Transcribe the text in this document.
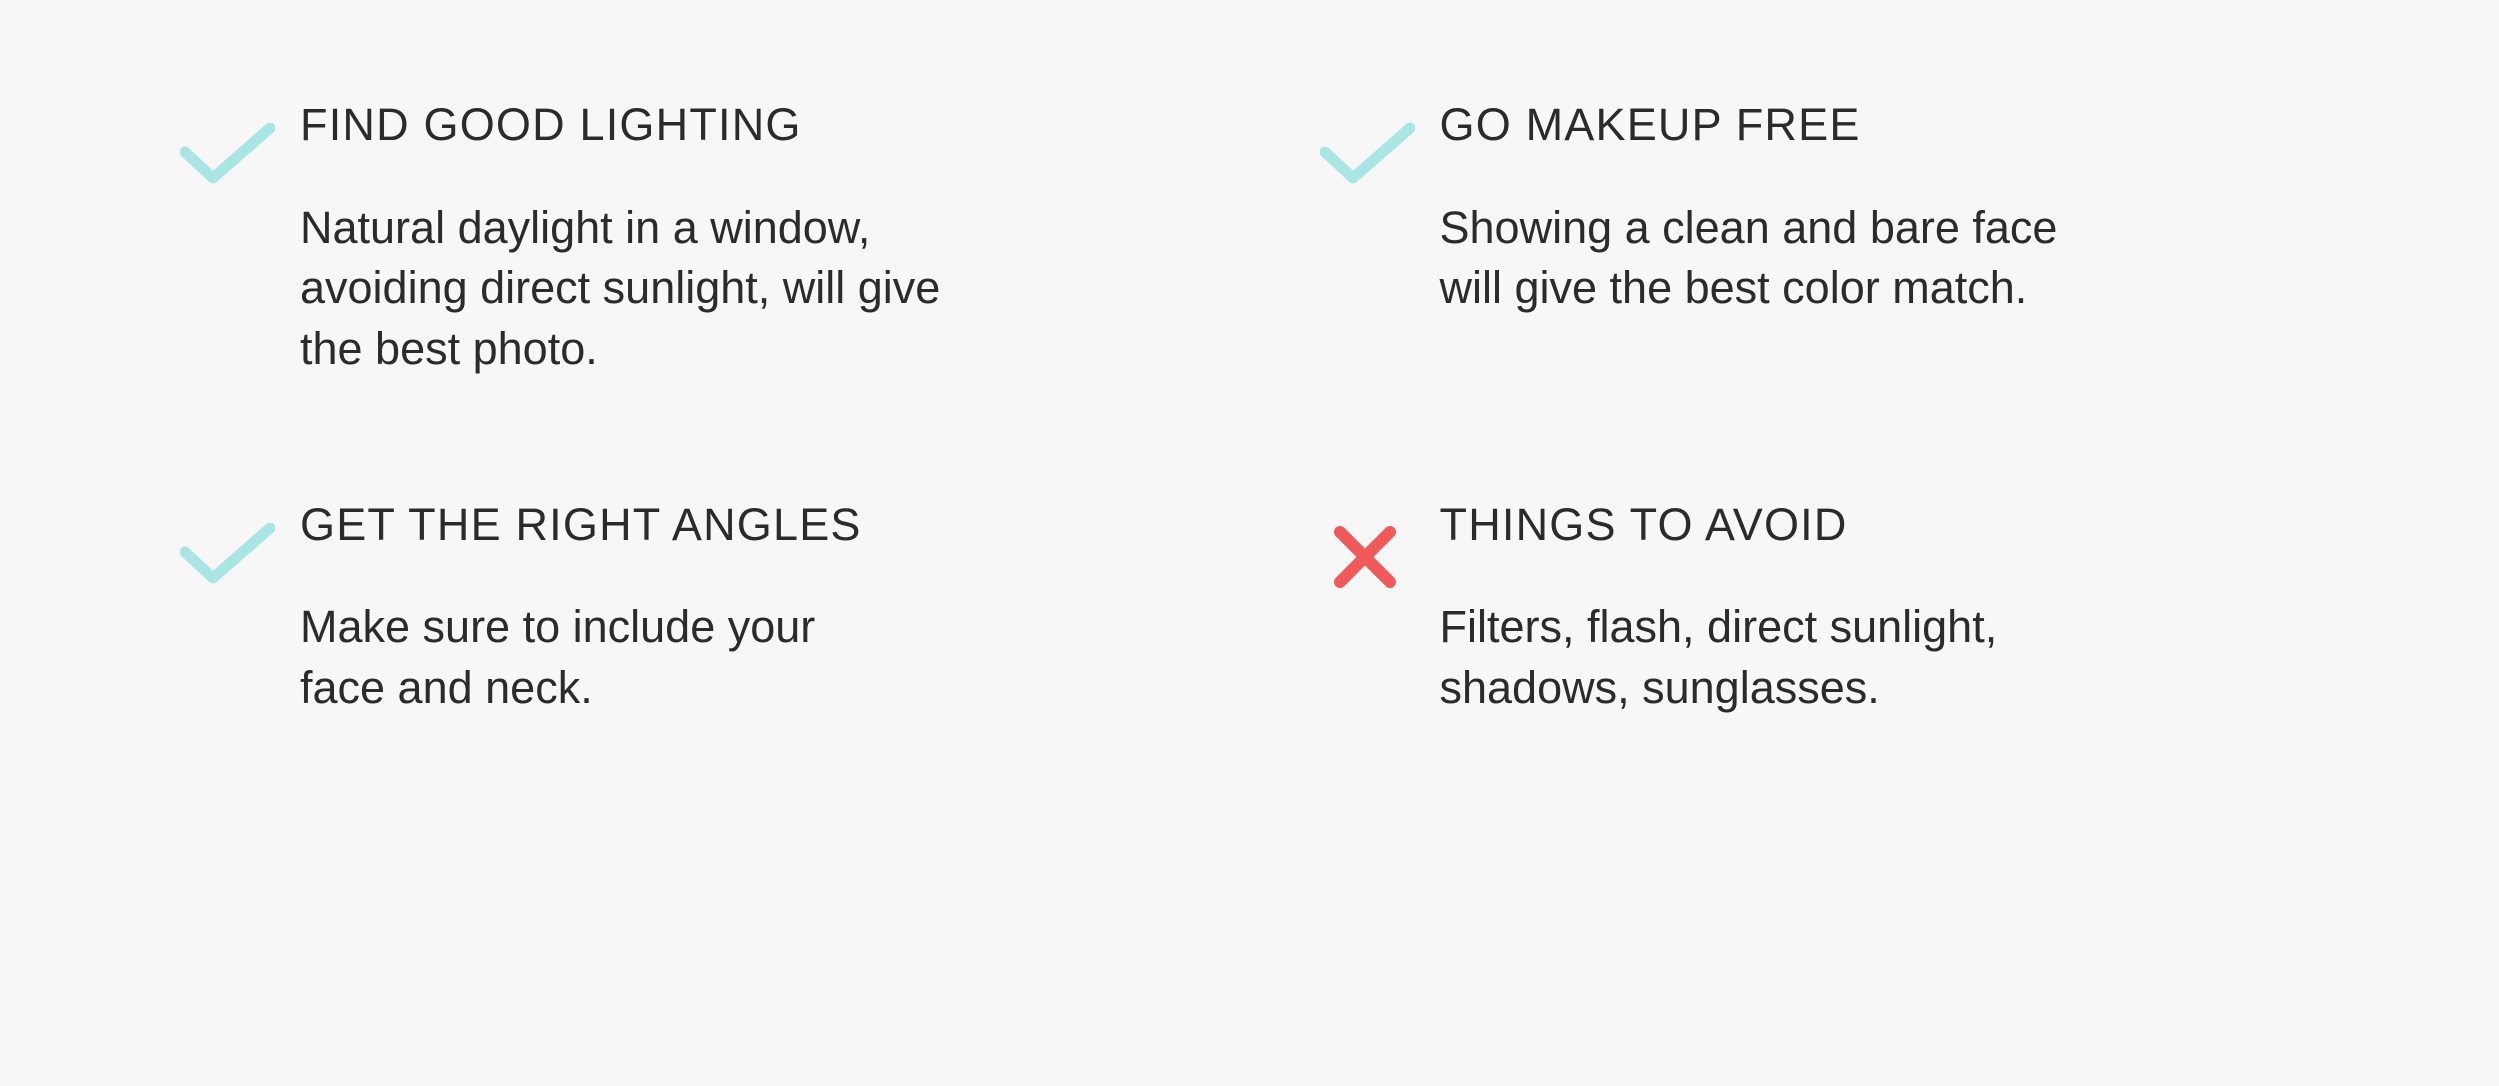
FIND GOOD LIGHTING

Natural daylight in a window,
avoiding direct sunlight, will give
the best photo.

GO MAKEUP FREE

Showing a clean and bare face
will give the best color match.

GET THE RIGHT ANGLES

Make sure to include your
face and neck.

THINGS TO AVOID

Filters, flash, direct sunlight,
shadows, sunglasses.
